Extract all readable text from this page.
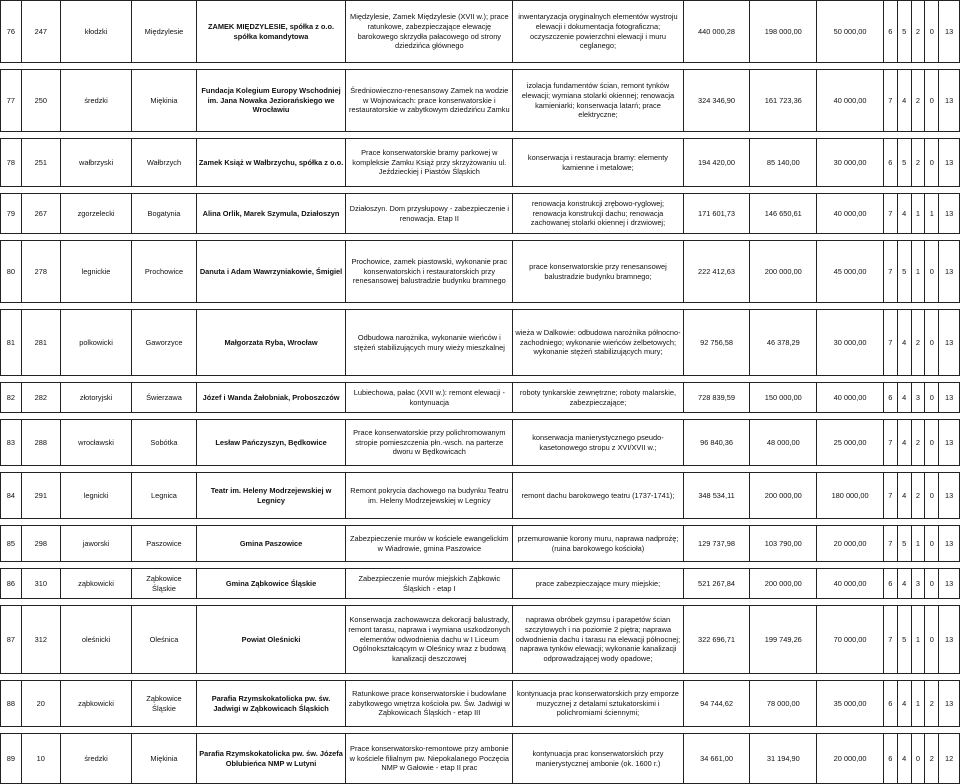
76	247	kłodzki	Międzylesie	ZAMEK MIĘDZYLESIE, spółka z o.o. spółka komandytowa	Międzylesie, Zamek Międzylesie (XVII w.); prace ratunkowe, zabezpieczające elewację barokowego skrzydła pałacowego od strony dziedzińca głównego	inwentaryzacja oryginalnych elementów wystroju elewacji i dokumentacja fotograficzna; oczyszczenie powierzchni elewacji i muru ceglanego;	440 000,28	198 000,00	50 000,00	6	5	2	0	13

77	250	średzki	Miękinia	Fundacja Kolegium Europy Wschodniej im. Jana Nowaka Jeziorańskiego we Wrocławiu	Średniowieczno-renesansowy Zamek na wodzie w Wojnowicach: prace konserwatorskie i restauratorskie w zabytkowym dziedzińcu Zamku	izolacja fundamentów ścian, remont tynków elewacji; wymiana stolarki okiennej; renowacja kamieniarki; konserwacja latarń; prace elektryczne;	324 346,90	161 723,36	40 000,00	7	4	2	0	13

78	251	wałbrzyski	Wałbrzych	Zamek Książ w Wałbrzychu, spółka z o.o.	Prace konserwatorskie bramy parkowej w kompleksie Zamku Książ przy skrzyżowaniu ul. Jeździeckiej i Piastów Śląskich	konserwacja i restauracja bramy: elementy kamienne i metalowe;	194 420,00	85 140,00	30 000,00	6	5	2	0	13

79	267	zgorzelecki	Bogatynia	Alina Orlik, Marek Szymula, Działoszyn	Działoszyn. Dom przysłupowy - zabezpieczenie i renowacja. Etap II	renowacja konstrukcji zrębowo-ryglowej; renowacja konstrukcji dachu; renowacja zachowanej stolarki okiennej i drzwiowej;	171 601,73	146 650,61	40 000,00	7	4	1	1	13

80	278	legnickie	Prochowice	Danuta i Adam Wawrzyniakowie, Śmigiel	Prochowice, zamek piastowski, wykonanie prac konserwatorskich i restauratorskich przy renesansowej balustradzie budynku bramnego	prace konserwatorskie przy renesansowej balustradzie budynku bramnego;	222 412,63	200 000,00	45 000,00	7	5	1	0	13

81	281	polkowicki	Gaworzyce	Małgorzata Ryba, Wrocław	Odbudowa narożnika, wykonanie wieńców i stężeń stabilizujących mury wieży mieszkalnej	wieża w Dalkowie: odbudowa narożnika północno-zachodniego; wykonanie wieńców żelbetowych; wykonanie stężeń stabilizujących mury;	92 756,58	46 378,29	30 000,00	7	4	2	0	13

82	282	złotoryjski	Świerzawa	Józef i Wanda Żałobniak, Proboszczów	Lubiechowa, pałac (XVII w.): remont elewacji - kontynuacja	roboty tynkarskie zewnętrzne; roboty malarskie, zabezpieczające;	728 839,59	150 000,00	40 000,00	6	4	3	0	13

83	288	wrocławski	Sobótka	Lesław Pańczyszyn, Będkowice	Prace konserwatorskie przy polichromowanym stropie pomieszczenia płn.-wsch. na parterze dworu w Będkowicach	konserwacja manierystycznego pseudo-kasetonowego stropu z XVI/XVII w.;	96 840,36	48 000,00	25 000,00	7	4	2	0	13

84	291	legnicki	Legnica	Teatr im. Heleny Modrzejewskiej w Legnicy	Remont pokrycia dachowego na budynku Teatru im. Heleny Modrzejewskiej w Legnicy	remont dachu barokowego teatru (1737-1741);	348 534,11	200 000,00	180 000,00	7	4	2	0	13

85	298	jaworski	Paszowice	Gmina Paszowice	Zabezpieczenie murów w kościele ewangelickim w Wiadrowie, gmina Paszowice	przemurowanie korony muru, naprawa nadprożę; (ruina barokowego kościoła)	129 737,98	103 790,00	20 000,00	7	5	1	0	13

86	310	ząbkowicki	Ząbkowice Śląskie	Gmina Ząbkowice Śląskie	Zabezpieczenie murów miejskich Ząbkowic Śląskich - etap I	prace zabezpieczające mury miejskie;	521 267,84	200 000,00	40 000,00	6	4	3	0	13

87	312	oleśnicki	Oleśnica	Powiat Oleśnicki	Konserwacja zachowawcza dekoracji balustrady, remont tarasu, naprawa i wymiana uszkodzonych elementów odwodnienia dachu w I Liceum Ogólnokształcącym w Oleśnicy wraz z budową kanalizacji deszczowej	naprawa obróbek gzymsu i parapetów ścian szczytowych i na poziomie 2 piętra; naprawa odwodnienia dachu i tarasu na elewacji północnej; naprawa tynków elewacji; wykonanie kanalizacji odprowadzającej wody opadowe;	322 696,71	199 749,26	70 000,00	7	5	1	0	13

88	20	ząbkowicki	Ząbkowice Śląskie	Parafia Rzymskokatolicka pw. św. Jadwigi w Ząbkowicach Śląskich	Ratunkowe prace konserwatorskie i budowlane zabytkowego wnętrza kościoła pw. Św. Jadwigi w Ząbkowicach Śląskich - etap III	kontynuacja prac konserwatorskich przy emporze muzycznej z detalami sztukatorskimi i polichromiami ściennymi;	94 744,62	78 000,00	35 000,00	6	4	1	2	13

89	10	średzki	Miękinia	Parafia Rzymskokatolicka pw. św. Józefa Oblubieńca NMP w Lutyni	Prace konserwatorsko-remontowe przy ambonie w kościele filialnym pw. Niepokalanego Poczęcia NMP w Gałowie - etap II prac	kontynuacja prac konserwatorskich przy manierystycznej ambonie (ok. 1600 r.)	34 661,00	31 194,90	20 000,00	6	4	0	2	12
